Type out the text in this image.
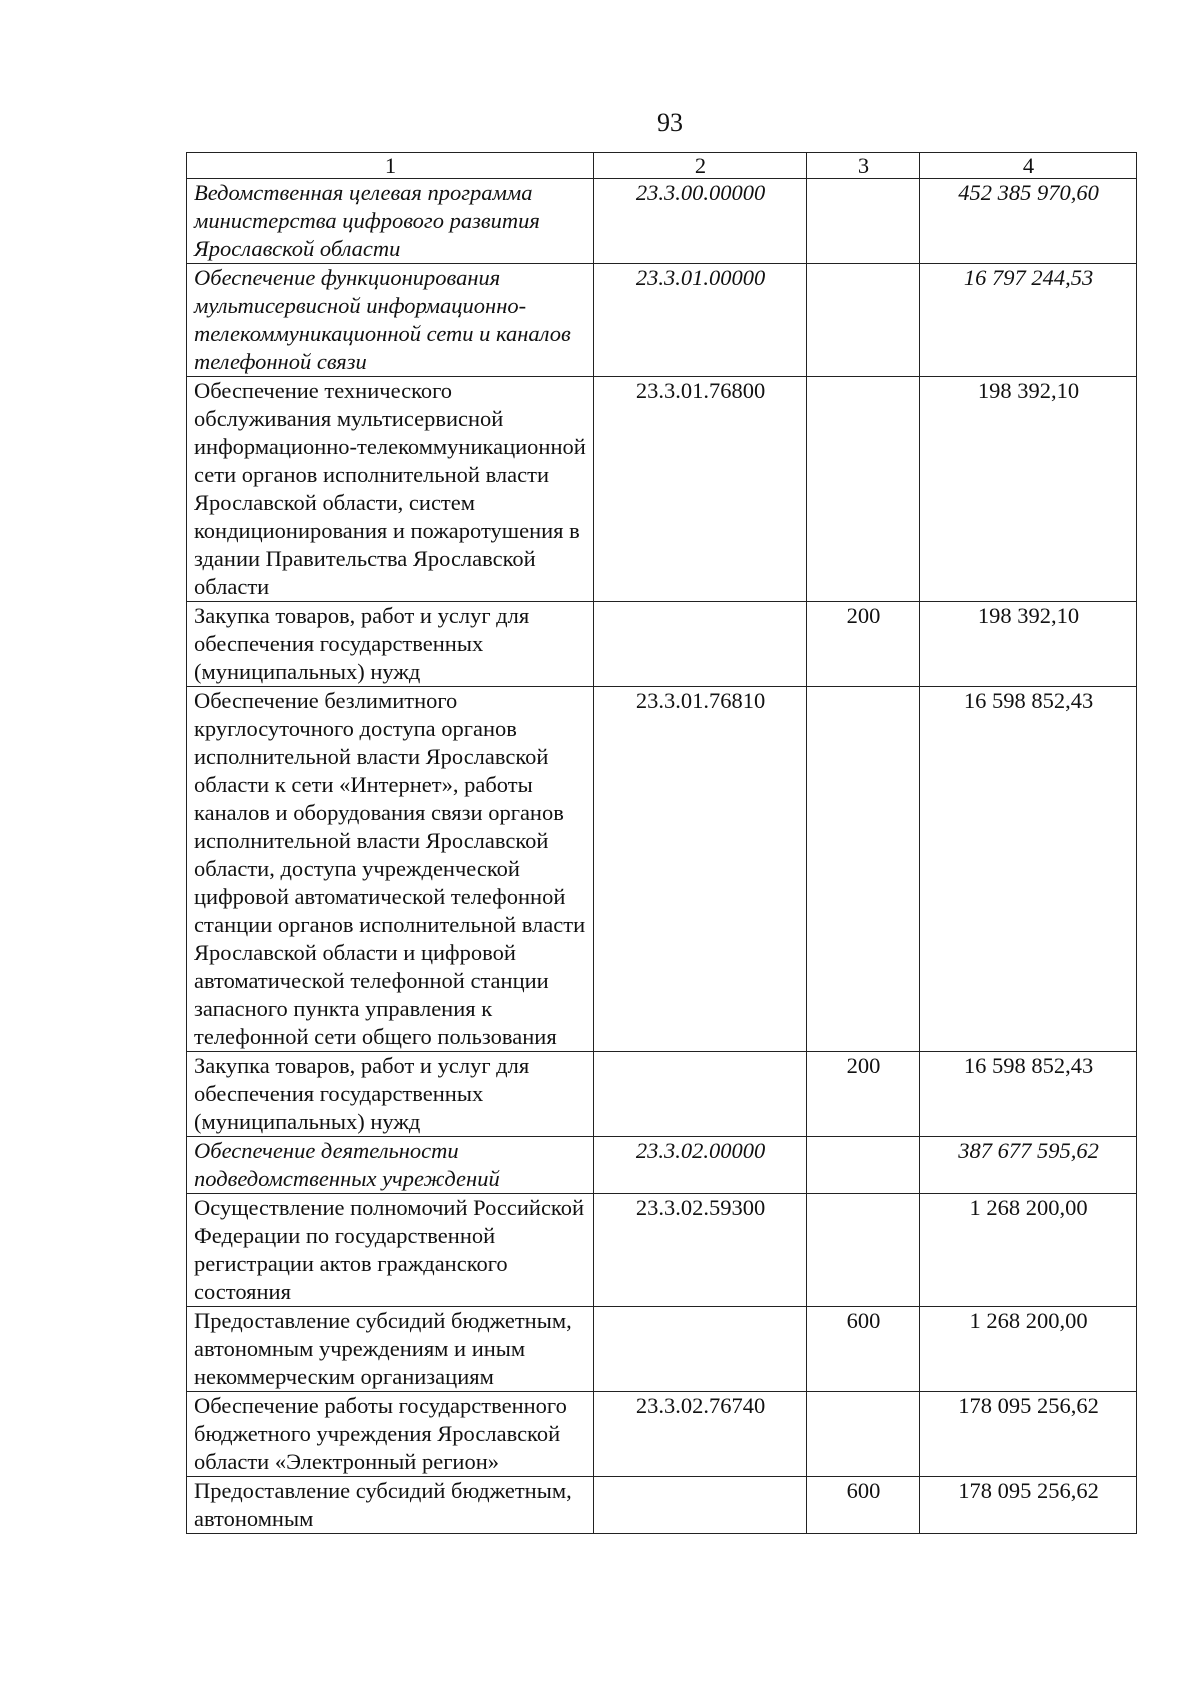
93
1	2	3	4
Ведомственная целевая программа министерства цифрового развития Ярославской области	23.3.00.00000		452 385 970,60
Обеспечение функционирования мультисервисной информационно-телекоммуникационной сети и каналов телефонной связи	23.3.01.00000		16 797 244,53
Обеспечение технического обслуживания мультисервисной информационно-телекоммуникационной сети органов исполнительной власти Ярославской области, систем кондиционирования и пожаротушения в здании Правительства Ярославской области	23.3.01.76800		198 392,10
Закупка товаров, работ и услуг для обеспечения государственных (муниципальных) нужд		200	198 392,10
Обеспечение безлимитного круглосуточного доступа органов исполнительной власти Ярославской области к сети «Интернет», работы каналов и оборудования связи органов исполнительной власти Ярославской области, доступа учрежденческой цифровой автоматической телефонной станции органов исполнительной власти Ярославской области и цифровой автоматической телефонной станции запасного пункта управления к телефонной сети общего пользования	23.3.01.76810		16 598 852,43
Закупка товаров, работ и услуг для обеспечения государственных (муниципальных) нужд		200	16 598 852,43
Обеспечение деятельности подведомственных учреждений	23.3.02.00000		387 677 595,62
Осуществление полномочий Российской Федерации по государственной регистрации актов гражданского состояния	23.3.02.59300		1 268 200,00
Предоставление субсидий бюджетным, автономным учреждениям и иным некоммерческим организациям		600	1 268 200,00
Обеспечение работы государственного бюджетного учреждения Ярославской области «Электронный регион»	23.3.02.76740		178 095 256,62
Предоставление субсидий бюджетным, автономным		600	178 095 256,62
